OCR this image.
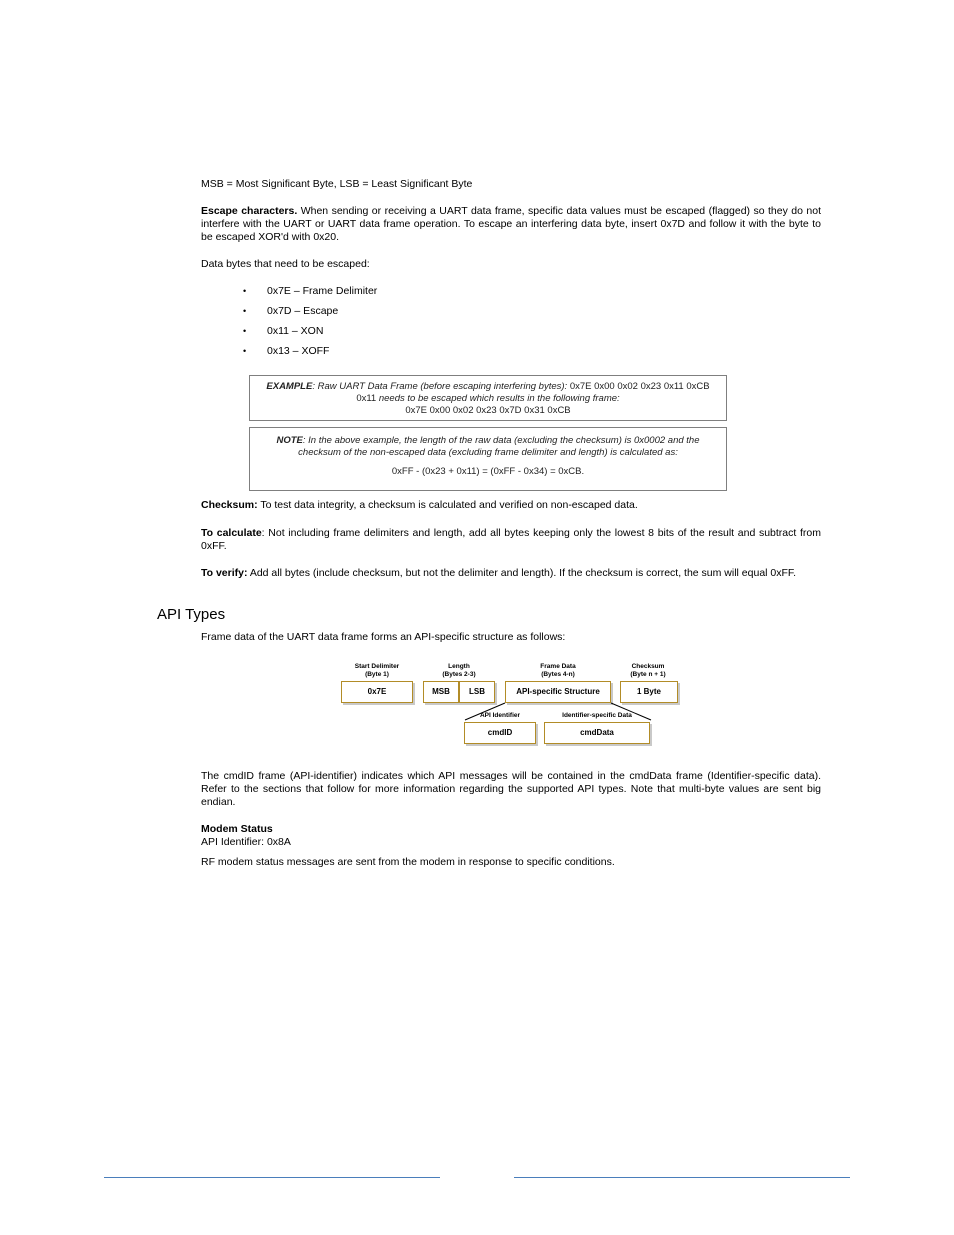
MSB = Most Significant Byte, LSB = Least Significant Byte

Escape characters. When sending or receiving a UART data frame, specific data values must be escaped (flagged) so they do not interfere with the UART or UART data frame operation. To escape an interfering data byte, insert 0x7D and follow it with the byte to be escaped XOR'd with 0x20.

Data bytes that need to be escaped:

• 0x7E – Frame Delimiter
• 0x7D – Escape
• 0x11 – XON
• 0x13 – XOFF
EXAMPLE: Raw UART Data Frame (before escaping interfering bytes): 0x7E 0x00 0x02 0x23 0x11 0xCB
0x11 needs to be escaped which results in the following frame:
0x7E 0x00 0x02 0x23 0x7D 0x31 0xCB
NOTE: In the above example, the length of the raw data (excluding the checksum) is 0x0002 and the
checksum of the non-escaped data (excluding frame delimiter and length) is calculated as:
0xFF - (0x23 + 0x11) = (0xFF - 0x34) = 0xCB.

Checksum: To test data integrity, a checksum is calculated and verified on non-escaped data.

To calculate: Not including frame delimiters and length, add all bytes keeping only the lowest 8 bits of the result and subtract from 0xFF.

To verify: Add all bytes (include checksum, but not the delimiter and length). If the checksum is correct, the sum will equal 0xFF.

API Types

Frame data of the UART data frame forms an API-specific structure as follows:

Start Delimiter
(Byte 1)
Length
(Bytes 2-3)
Frame Data
(Bytes 4-n)
Checksum
(Byte n + 1)
0x7E	MSB	LSB	API-specific Structure	1 Byte
API Identifier	Identifier-specific Data
cmdID	cmdData

The cmdID frame (API-identifier) indicates which API messages will be contained in the cmdData frame (Identifier-specific data). Refer to the sections that follow for more information regarding the supported API types. Note that multi-byte values are sent big endian.

Modem Status

API Identifier: 0x8A

RF modem status messages are sent from the modem in response to specific conditions.
